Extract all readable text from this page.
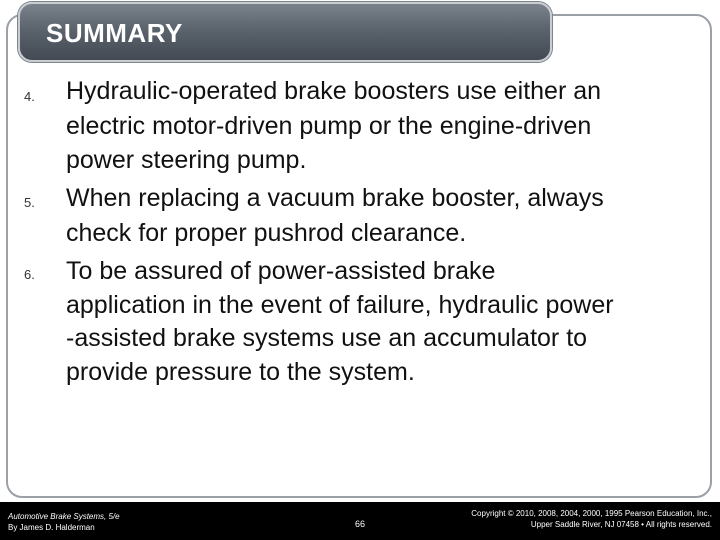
SUMMARY
4. Hydraulic-operated brake boosters use either an
electric motor-driven pump or the engine-driven
power steering pump.
5. When replacing a vacuum brake booster, always
check for proper pushrod clearance.
6. To be assured of power-assisted brake
application in the event of failure, hydraulic power
-assisted brake systems use an accumulator to
provide pressure to the system.
Automotive Brake Systems, 5/e
By James D. Halderman	66
Copyright © 2010, 2008, 2004, 2000, 1995 Pearson Education, Inc.,
Upper Saddle River, NJ 07458 • All rights reserved.
